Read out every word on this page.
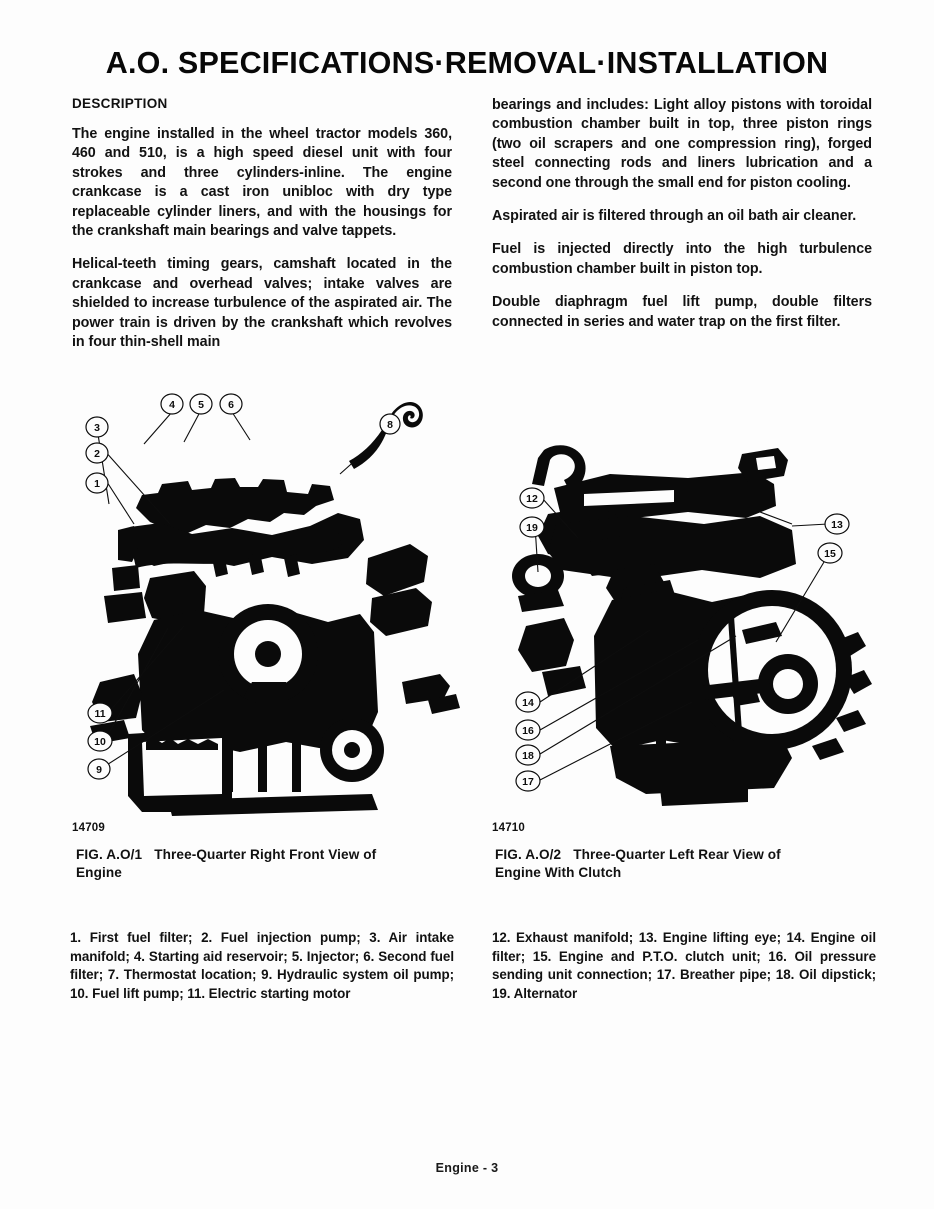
A.O. SPECIFICATIONS·REMOVAL·INSTALLATION
DESCRIPTION

The engine installed in the wheel tractor models 360, 460 and 510, is a high speed diesel unit with four strokes and three cylinders-inline. The engine crankcase is a cast iron unibloc with dry type replaceable cylinder liners, and with the housings for the crankshaft main bearings and valve tappets.

Helical-teeth timing gears, camshaft located in the crankcase and overhead valves; intake valves are shielded to increase turbulence of the aspirated air. The power train is driven by the crankshaft which revolves in four thin-shell main

bearings and includes: Light alloy pistons with toroidal combustion chamber built in top, three piston rings (two oil scrapers and one compression ring), forged steel connecting rods and liners lubrication and a second one through the small end for piston cooling.

Aspirated air is filtered through an oil bath air cleaner.

Fuel is injected directly into the high turbulence combustion chamber built in piston top.

Double diaphragm fuel lift pump, double filters connected in series and water trap on the first filter.

1
2
3
4 5 6
8
9
10
11
12
19	13
15
14
16
18
17
14709	14710
FIG. A.O/1 Three-Quarter Right Front View of
Engine
FIG. A.O/2 Three-Quarter Left Rear View of
Engine With Clutch
1. First fuel filter; 2. Fuel injection pump; 3. Air intake manifold; 4. Starting aid reservoir; 5. Injector; 6. Second fuel filter; 7. Thermostat location; 9. Hydraulic system oil pump; 10. Fuel lift pump; 11. Electric starting motor
12. Exhaust manifold; 13. Engine lifting eye; 14. Engine oil filter; 15. Engine and P.T.O. clutch unit; 16. Oil pressure sending unit connection; 17. Breather pipe; 18. Oil dipstick; 19. Alternator
Engine - 3
